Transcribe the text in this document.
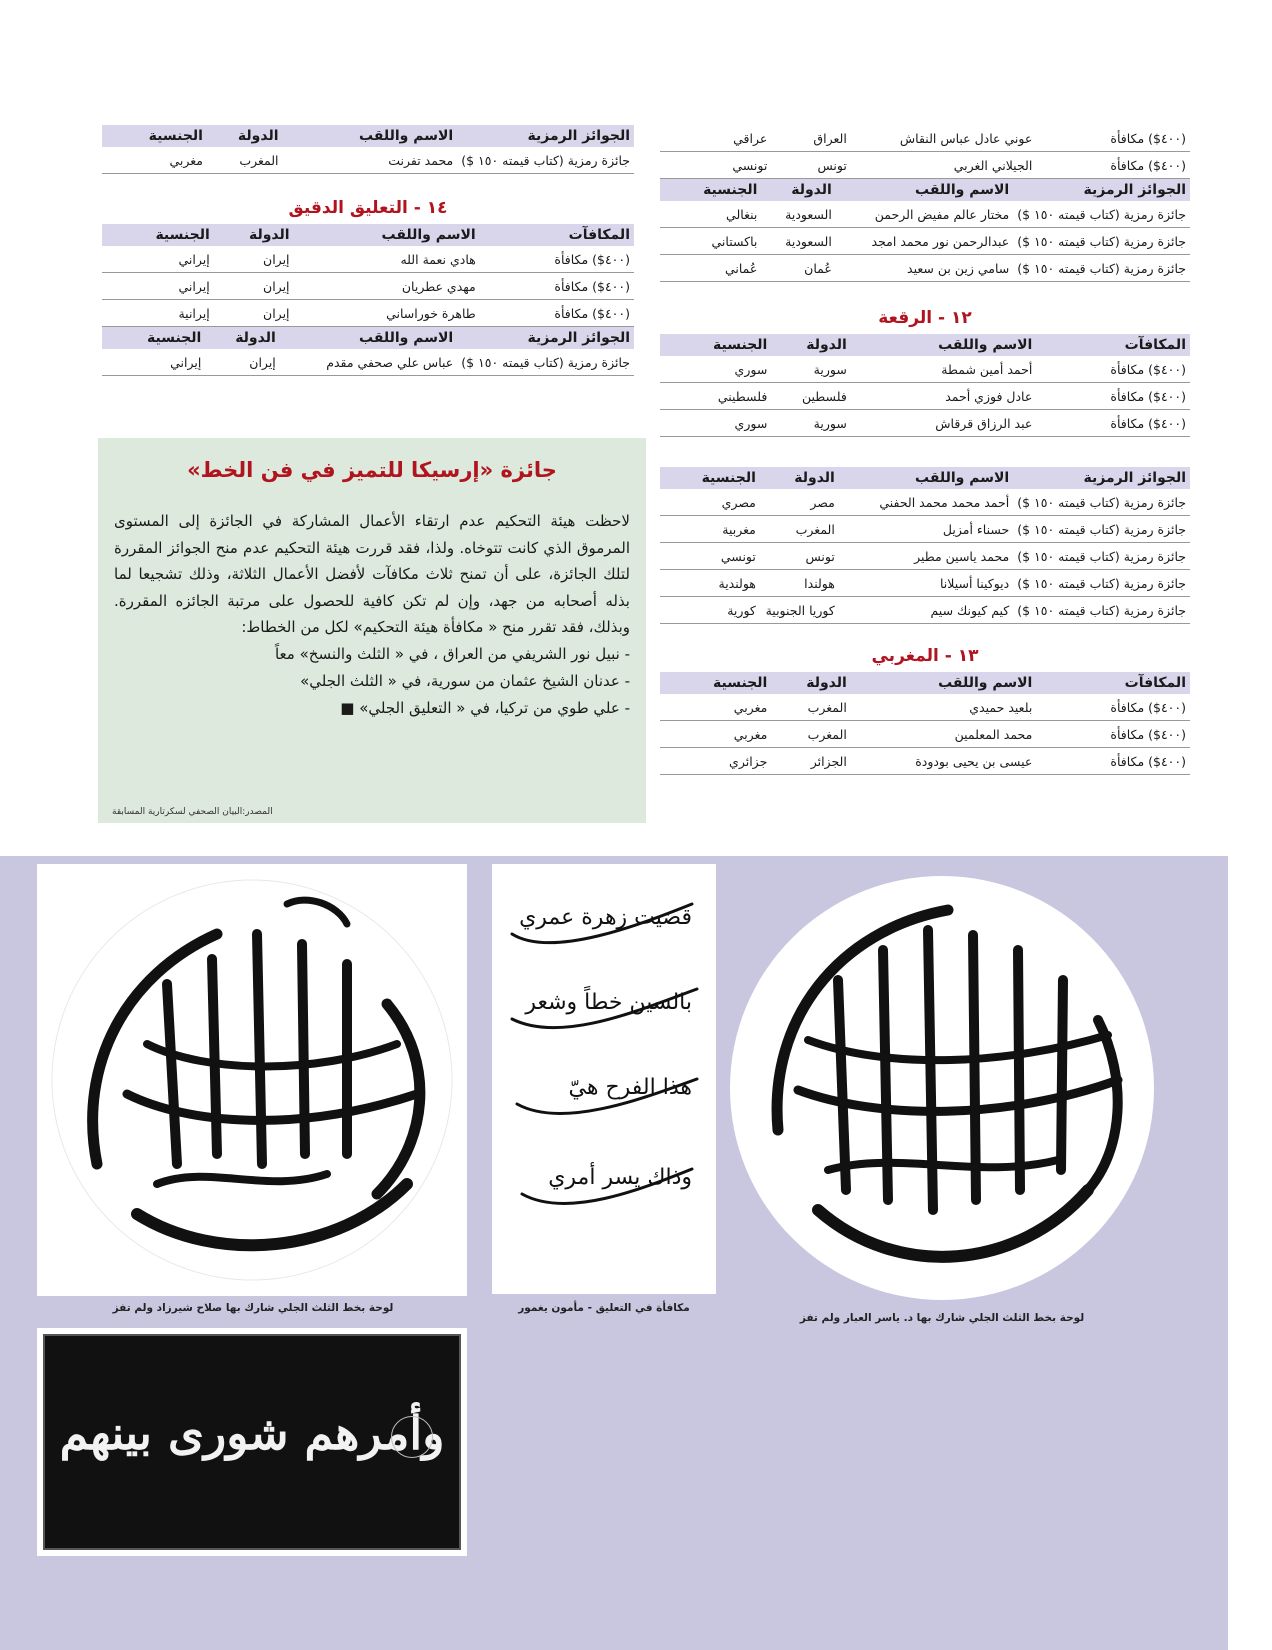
(٤٠٠$) مكافأة	عوني عادل عباس النقاش	العراق	عراقي
(٤٠٠$) مكافأة	الجيلاني الغربي	تونس	تونسي
الجوائز الرمزية	الاسم واللقب	الدولة	الجنسية
جائزة رمزية (كتاب قيمته ١٥٠ $)	مختار عالم مفيض الرحمن	السعودية	بنغالي
جائزة رمزية (كتاب قيمته ١٥٠ $)	عبدالرحمن نور محمد امجد	السعودية	باكستاني
جائزة رمزية (كتاب قيمته ١٥٠ $)	سامي زين بن سعيد	عُمان	عُماني
١٢ - الرقعة
المكافآت	الاسم واللقب	الدولة	الجنسية
(٤٠٠$) مكافأة	أحمد أمين شمطة	سورية	سوري
(٤٠٠$) مكافأة	عادل فوزي أحمد	فلسطين	فلسطيني
(٤٠٠$) مكافأة	عبد الرزاق قرقاش	سورية	سوري
الجوائز الرمزية	الاسم واللقب	الدولة	الجنسية
جائزة رمزية (كتاب قيمته ١٥٠ $)	أحمد محمد محمد الحفني	مصر	مصري
جائزة رمزية (كتاب قيمته ١٥٠ $)	حسناء أمزيل	المغرب	مغربية
جائزة رمزية (كتاب قيمته ١٥٠ $)	محمد ياسين مطير	تونس	تونسي
جائزة رمزية (كتاب قيمته ١٥٠ $)	ديوكينا أسيلانا	هولندا	هولندية
جائزة رمزية (كتاب قيمته ١٥٠ $)	كيم كيونك سيم	كوريا الجنوبية	كورية
١٣ - المغربي
المكافآت	الاسم واللقب	الدولة	الجنسية
(٤٠٠$) مكافأة	بلعيد حميدي	المغرب	مغربي
(٤٠٠$) مكافأة	محمد المعلمين	المغرب	مغربي
(٤٠٠$) مكافأة	عيسى بن يحيى بودودة	الجزائر	جزائري
الجوائز الرمزية	الاسم واللقب	الدولة	الجنسية
جائزة رمزية (كتاب قيمته ١٥٠ $)	محمد تفرنت	المغرب	مغربي
١٤ - التعليق الدقيق
المكافآت	الاسم واللقب	الدولة	الجنسية
(٤٠٠$) مكافأة	هادي نعمة الله	إيران	إيراني
(٤٠٠$) مكافأة	مهدي عطريان	إيران	إيراني
(٤٠٠$) مكافأة	طاهرة خوراساني	إيران	إيرانية
الجوائز الرمزية	الاسم واللقب	الدولة	الجنسية
جائزة رمزية (كتاب قيمته ١٥٠ $)	عباس علي صحفي مقدم	إيران	إيراني
جائزة «إرسيكا للتميز في فن الخط»

لاحظت هيئة التحكيم عدم ارتقاء الأعمال المشاركة في الجائزة إلى المستوى المرموق الذي كانت تتوخاه. ولذا، فقد قررت هيئة التحكيم عدم منح الجوائز المقررة لتلك الجائزة، على أن تمنح ثلاث مكافآت لأفضل الأعمال الثلاثة، وذلك تشجيعا لما بذله أصحابه من جهد، وإن لم تكن كافية للحصول على مرتبة الجائزه المقررة. وبذلك، فقد تقرر منح « مكافأة هيئة التحكيم» لكل من الخطاط:

- نبيل نور الشريفي من العراق ، في « الثلث والنسخ» معاً
- عدنان الشيخ عثمان من سورية، في « الثلث الجلي»
- علي طوي من تركيا، في « التعليق الجلي» ■
المصدر:البيان الصحفي لسكرتارية المسابقة
لوحة بخط الثلث الجلي شارك بها صلاح شيرزاد ولم تفز
قضيت زهرة عمري
بالسين خطاً وشعر
هذا الفرح هيّ
وذاك يسر أمري
مكافأة في التعليق - مأمون يغمور
لوحة بخط الثلث الجلي شارك بها د. ياسر العبار ولم تفز
وأمرهم شورى بينهم
